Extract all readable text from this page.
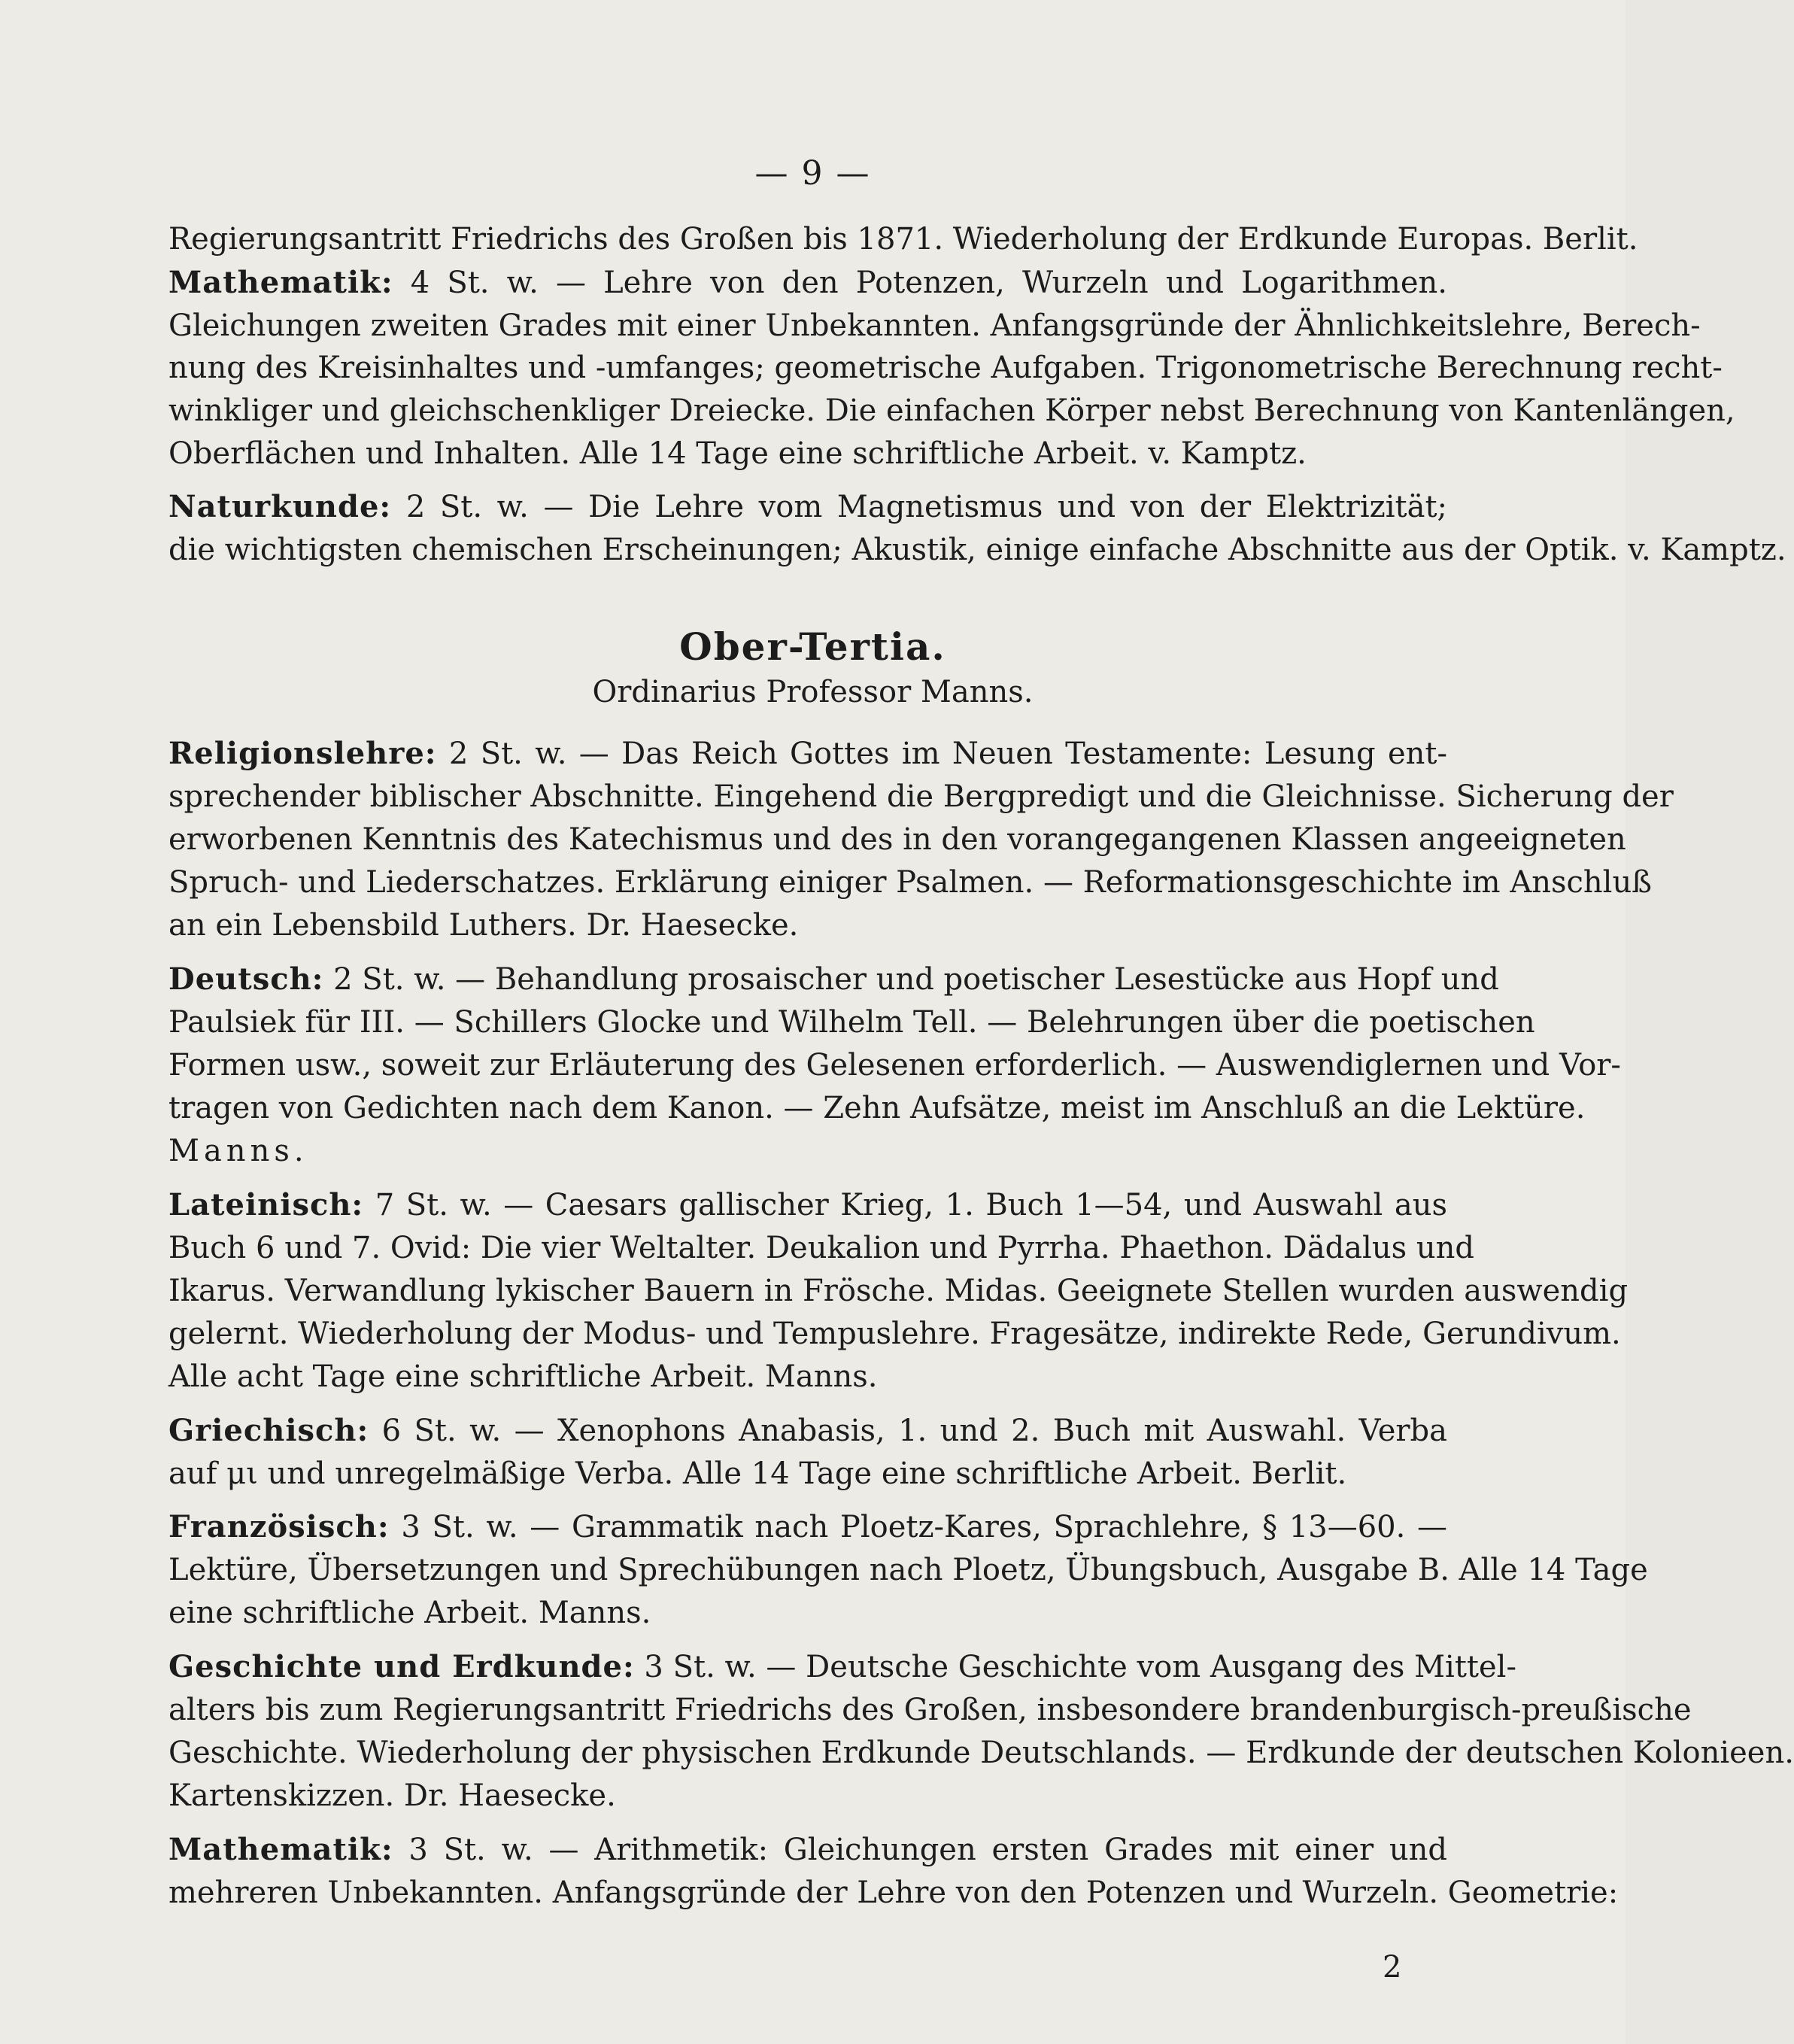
— 9 —
Regierungsantritt Friedrichs des Großen bis 1871. Wiederholung der Erdkunde Europas. Berlit.
Mathematik: 4 St. w. — Lehre von den Potenzen, Wurzeln und Logarithmen.
Gleichungen zweiten Grades mit einer Unbekannten. Anfangsgründe der Ähnlichkeitslehre, Berech-
nung des Kreisinhaltes und -umfanges; geometrische Aufgaben. Trigonometrische Berechnung recht-
winkliger und gleichschenkliger Dreiecke. Die einfachen Körper nebst Berechnung von Kantenlängen,
Oberflächen und Inhalten. Alle 14 Tage eine schriftliche Arbeit. v. Kamptz.
Naturkunde: 2 St. w. — Die Lehre vom Magnetismus und von der Elektrizität;
die wichtigsten chemischen Erscheinungen; Akustik, einige einfache Abschnitte aus der Optik. v. Kamptz.
Religionslehre: 2 St. w. — Das Reich Gottes im Neuen Testamente: Lesung ent-
sprechender biblischer Abschnitte. Eingehend die Bergpredigt und die Gleichnisse. Sicherung der
erworbenen Kenntnis des Katechismus und des in den vorangegangenen Klassen angeeigneten
Spruch- und Liederschatzes. Erklärung einiger Psalmen. — Reformationsgeschichte im Anschluß
an ein Lebensbild Luthers. Dr. Haesecke.
Deutsch: 2 St. w. — Behandlung prosaischer und poetischer Lesestücke aus Hopf und
Paulsiek für III. — Schillers Glocke und Wilhelm Tell. — Belehrungen über die poetischen
Formen usw., soweit zur Erläuterung des Gelesenen erforderlich. — Auswendiglernen und Vor-
tragen von Gedichten nach dem Kanon. — Zehn Aufsätze, meist im Anschluß an die Lektüre.
Manns.
Lateinisch: 7 St. w. — Caesars gallischer Krieg, 1. Buch 1—54, und Auswahl aus
Buch 6 und 7. Ovid: Die vier Weltalter. Deukalion und Pyrrha. Phaethon. Dädalus und
Ikarus. Verwandlung lykischer Bauern in Frösche. Midas. Geeignete Stellen wurden auswendig
gelernt. Wiederholung der Modus- und Tempuslehre. Fragesätze, indirekte Rede, Gerundivum.
Alle acht Tage eine schriftliche Arbeit. Manns.
Griechisch: 6 St. w. — Xenophons Anabasis, 1. und 2. Buch mit Auswahl. Verba
auf μι und unregelmäßige Verba. Alle 14 Tage eine schriftliche Arbeit. Berlit.
Französisch: 3 St. w. — Grammatik nach Ploetz-Kares, Sprachlehre, § 13—60. —
Lektüre, Übersetzungen und Sprechübungen nach Ploetz, Übungsbuch, Ausgabe B. Alle 14 Tage
eine schriftliche Arbeit. Manns.
Geschichte und Erdkunde: 3 St. w. — Deutsche Geschichte vom Ausgang des Mittel-
alters bis zum Regierungsantritt Friedrichs des Großen, insbesondere brandenburgisch-preußische
Geschichte. Wiederholung der physischen Erdkunde Deutschlands. — Erdkunde der deutschen Kolonieen.
Kartenskizzen. Dr. Haesecke.
Mathematik: 3 St. w. — Arithmetik: Gleichungen ersten Grades mit einer und
mehreren Unbekannten. Anfangsgründe der Lehre von den Potenzen und Wurzeln. Geometrie:
Ober-Tertia.
Ordinarius Professor Manns.
2
